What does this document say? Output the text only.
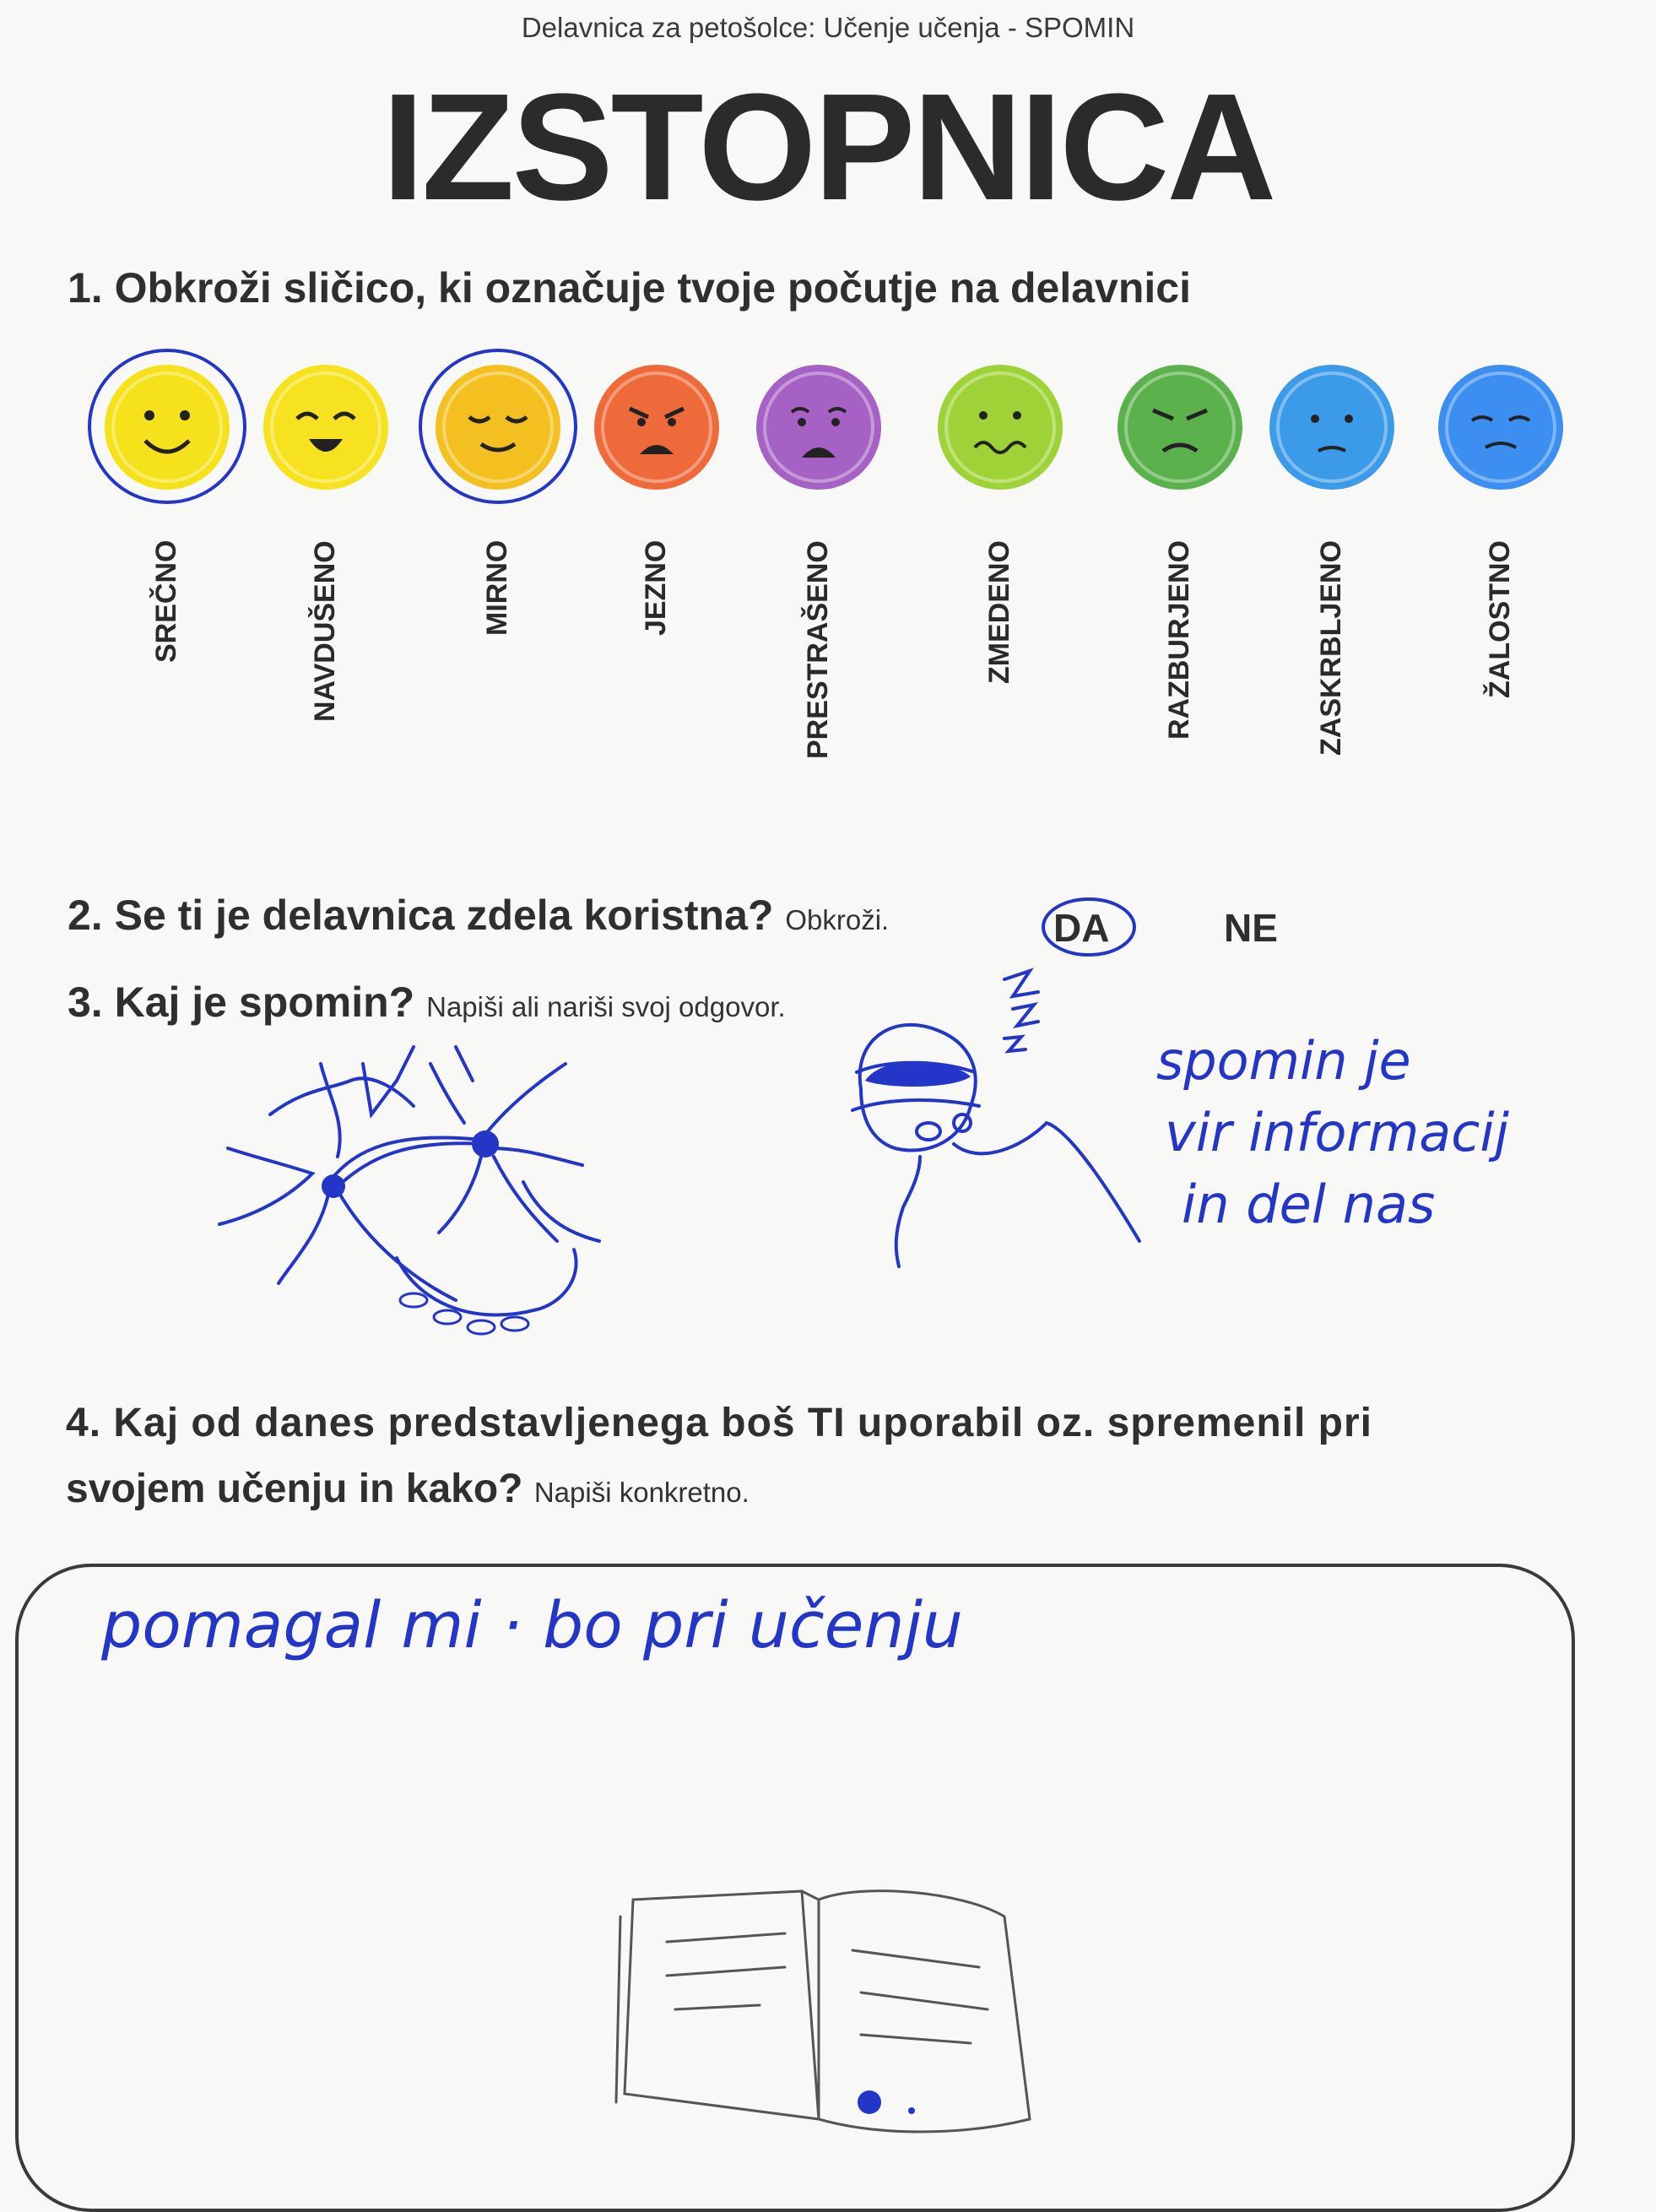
Delavnica za petošolce: Učenje učenja - SPOMIN
IZSTOPNICA
1. Obkroži sličico, ki označuje tvoje počutje na delavnici
SREČNO	NAVDUŠENO	MIRNO	JEZNO	PRESTRAŠENO	ZMEDENO	RAZBURJENO	ZASKRBLJENO	ŽALOSTNO
2. Se ti je delavnica zdela koristna? Obkroži.	DA	NE
3. Kaj je spomin? Napiši ali nariši svoj odgovor.
spomin je
vir informacij
in del nas
4. Kaj od danes predstavljenega boš TI uporabil oz. spremenil pri
svojem učenju in kako? Napiši konkretno.
pomagal mi · bo pri učenju
